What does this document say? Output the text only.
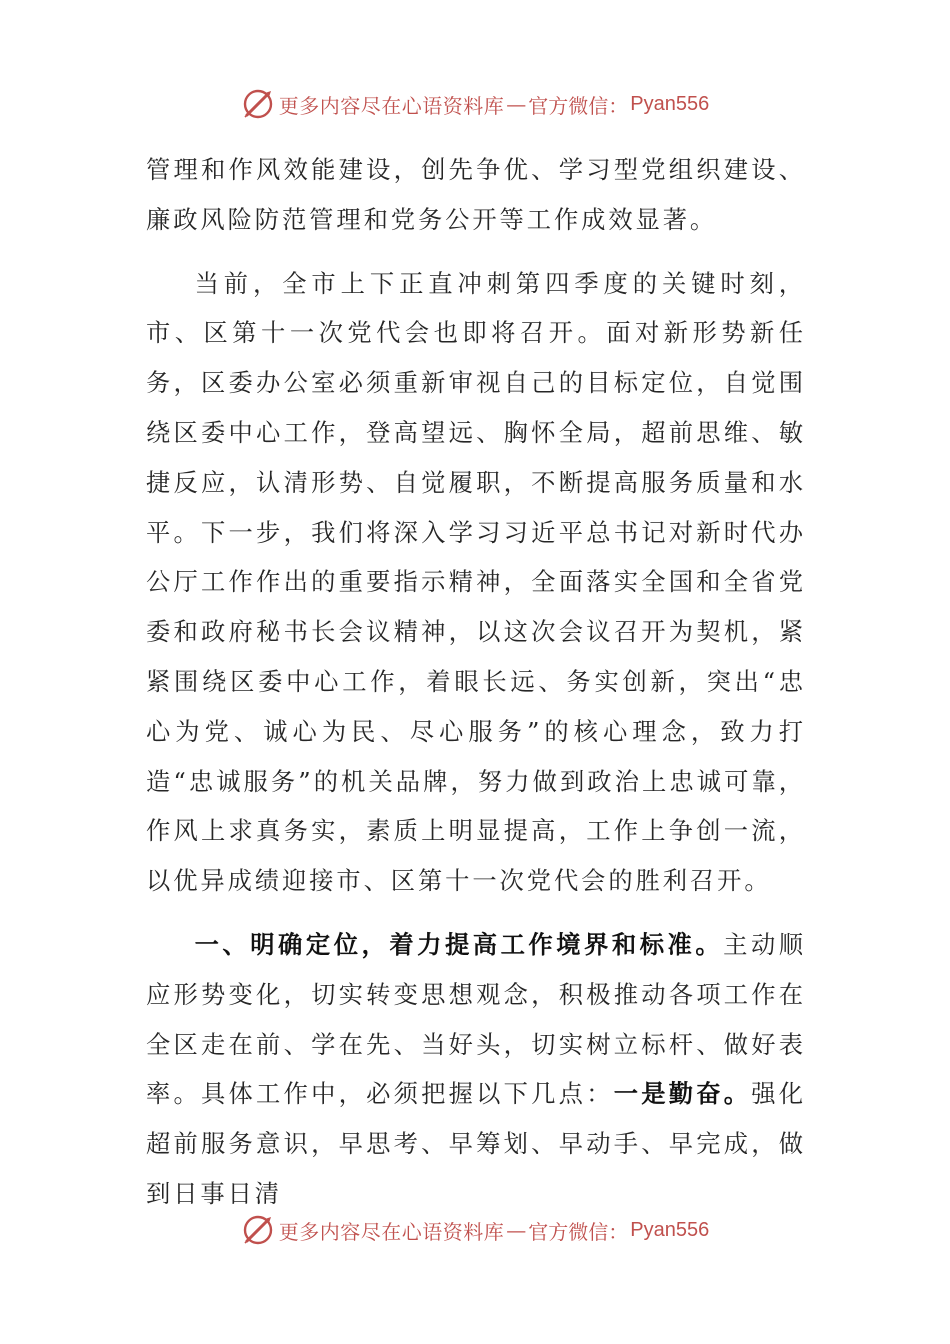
更多内容尽在心语资料库 — 官方微信： Pyan556

管理和作风效能建设，创先争优、学习型党组织建设、廉政风险防范管理和党务公开等工作成效显著。

当前，全市上下正直冲刺第四季度的关键时刻，市、区第十一次党代会也即将召开。面对新形势新任务，区委办公室必须重新审视自己的目标定位，自觉围绕区委中心工作，登高望远、胸怀全局，超前思维、敏捷反应，认清形势、自觉履职，不断提高服务质量和水平。下一步，我们将深入学习习近平总书记对新时代办公厅工作作出的重要指示精神，全面落实全国和全省党委和政府秘书长会议精神，以这次会议召开为契机，紧紧围绕区委中心工作，着眼长远、务实创新，突出“忠心为党、诚心为民、尽心服务”的核心理念，致力打造“忠诚服务”的机关品牌，努力做到政治上忠诚可靠，作风上求真务实，素质上明显提高，工作上争创一流，以优异成绩迎接市、区第十一次党代会的胜利召开。

一、明确定位，着力提高工作境界和标准。主动顺应形势变化，切实转变思想观念，积极推动各项工作在全区走在前、学在先、当好头，切实树立标杆、做好表率。具体工作中，必须把握以下几点：一是勤奋。强化超前服务意识，早思考、早筹划、早动手、早完成，做到日事日清

更多内容尽在心语资料库 — 官方微信： Pyan556
